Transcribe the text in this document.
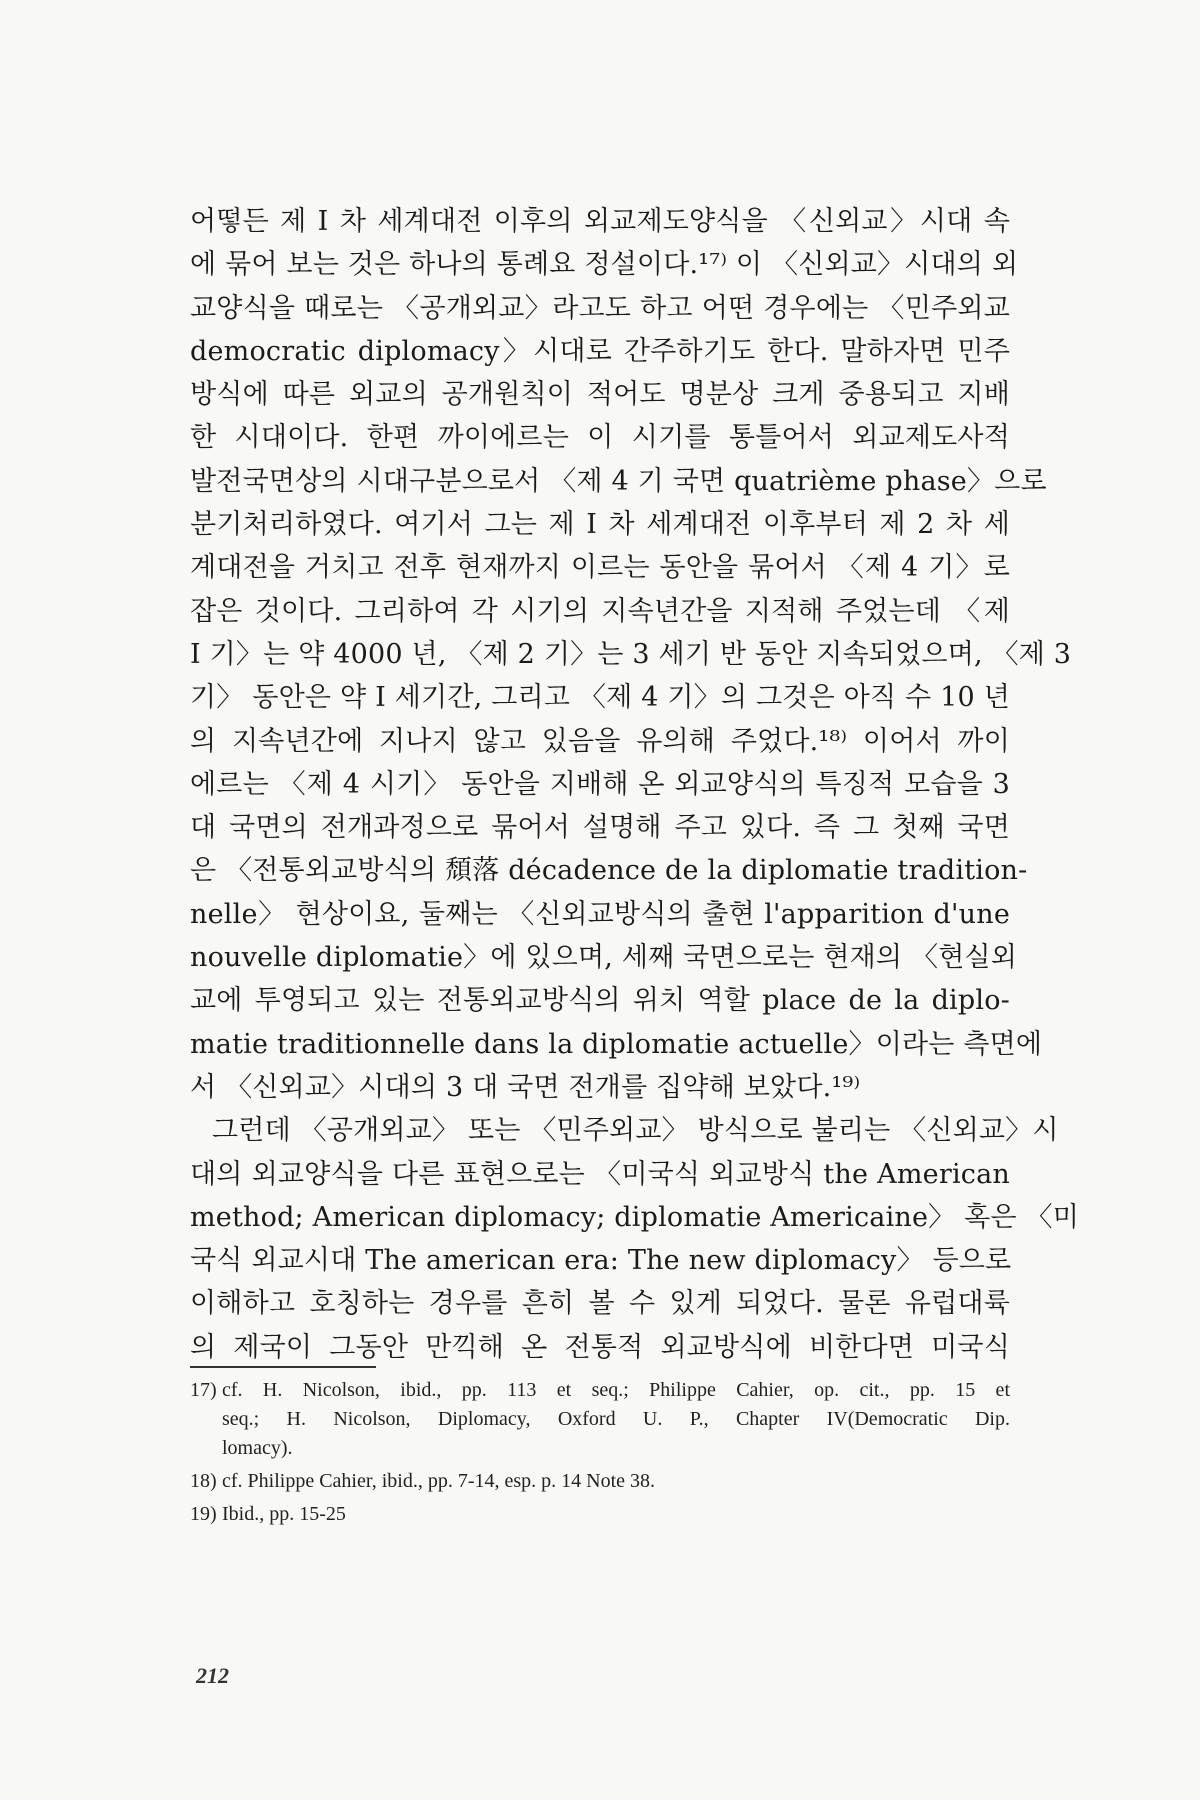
어떻든 제 I 차 세계대전 이후의 외교제도양식을 〈신외교〉시대 속
에 묶어 보는 것은 하나의 통례요 정설이다.¹⁷⁾ 이 〈신외교〉시대의 외
교양식을 때로는 〈공개외교〉라고도 하고 어떤 경우에는 〈민주외교
democratic diplomacy〉시대로 간주하기도 한다. 말하자면 민주
방식에 따른 외교의 공개원칙이 적어도 명분상 크게 중용되고 지배
한 시대이다. 한편 까이에르는 이 시기를 통틀어서 외교제도사적
발전국면상의 시대구분으로서 〈제 4 기 국면 quatrième phase〉으로
분기처리하였다. 여기서 그는 제 I 차 세계대전 이후부터 제 2 차 세
계대전을 거치고 전후 현재까지 이르는 동안을 묶어서 〈제 4 기〉로
잡은 것이다. 그리하여 각 시기의 지속년간을 지적해 주었는데 〈제
I 기〉는 약 4000 년, 〈제 2 기〉는 3 세기 반 동안 지속되었으며, 〈제 3
기〉 동안은 약 I 세기간, 그리고 〈제 4 기〉의 그것은 아직 수 10 년
의 지속년간에 지나지 않고 있음을 유의해 주었다.¹⁸⁾ 이어서 까이
에르는 〈제 4 시기〉 동안을 지배해 온 외교양식의 특징적 모습을 3
대 국면의 전개과정으로 묶어서 설명해 주고 있다. 즉 그 첫째 국면
은 〈전통외교방식의 頹落 décadence de la diplomatie tradition-
nelle〉 현상이요, 둘째는 〈신외교방식의 출현 l'apparition d'une
nouvelle diplomatie〉에 있으며, 세째 국면으로는 현재의 〈현실외
교에 투영되고 있는 전통외교방식의 위치 역할 place de la diplo-
matie traditionnelle dans la diplomatie actuelle〉이라는 측면에
서 〈신외교〉시대의 3 대 국면 전개를 집약해 보았다.¹⁹⁾
그런데 〈공개외교〉 또는 〈민주외교〉 방식으로 불리는 〈신외교〉시
대의 외교양식을 다른 표현으로는 〈미국식 외교방식 the American
method; American diplomacy; diplomatie Americaine〉 혹은 〈미
국식 외교시대 The american era: The new diplomacy〉 등으로
이해하고 호칭하는 경우를 흔히 볼 수 있게 되었다. 물론 유럽대륙
의 제국이 그동안 만끽해 온 전통적 외교방식에 비한다면 미국식
17) cf. H. Nicolson, ibid., pp. 113 et seq.; Philippe Cahier, op. cit., pp. 15 et
seq.; H. Nicolson, Diplomacy, Oxford U. P., Chapter IV(Democratic Dip.
lomacy).
18) cf. Philippe Cahier, ibid., pp. 7-14, esp. p. 14 Note 38.
19) Ibid., pp. 15-25
212
